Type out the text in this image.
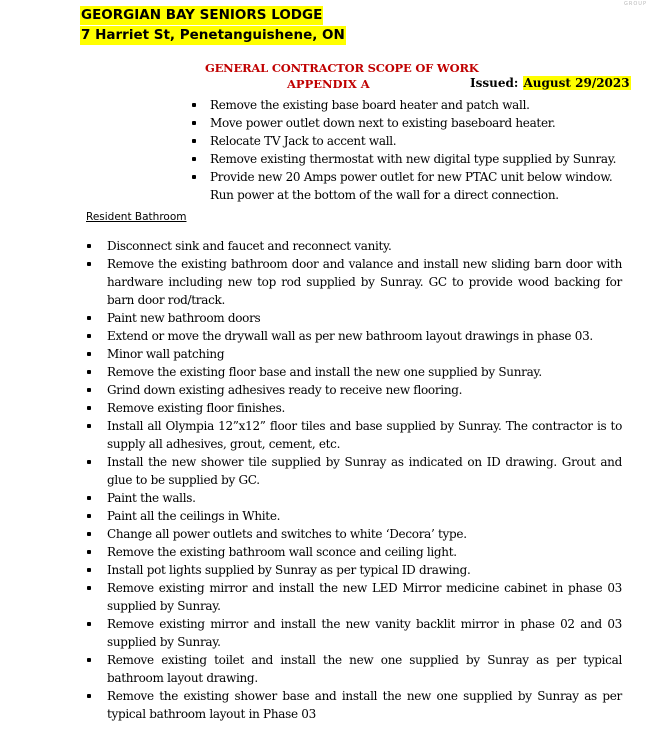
GROUP
GEORGIAN BAY SENIORS LODGE
7 Harriet St, Penetanguishene, ON
GENERAL CONTRACTOR SCOPE OF WORK
APPENDIX A	Issued: August 29/2023
Remove the existing base board heater and patch wall.
Move power outlet down next to existing baseboard heater.
Relocate TV Jack to accent wall.
Remove existing thermostat with new digital type supplied by Sunray.
Provide new 20 Amps power outlet for new PTAC unit below window. Run power at the bottom of the wall for a direct connection.
Resident Bathroom
Disconnect sink and faucet and reconnect vanity.
Remove the existing bathroom door and valance and install new sliding barn door with hardware including new top rod supplied by Sunray. GC to provide wood backing for barn door rod/track.
Paint new bathroom doors
Extend or move the drywall wall as per new bathroom layout drawings in phase 03.
Minor wall patching
Remove the existing floor base and install the new one supplied by Sunray.
Grind down existing adhesives ready to receive new flooring.
Remove existing floor finishes.
Install all Olympia 12”x12” floor tiles and base supplied by Sunray. The contractor is to supply all adhesives, grout, cement, etc.
Install the new shower tile supplied by Sunray as indicated on ID drawing. Grout and glue to be supplied by GC.
Paint the walls.
Paint all the ceilings in White.
Change all power outlets and switches to white ‘Decora’ type.
Remove the existing bathroom wall sconce and ceiling light.
Install pot lights supplied by Sunray as per typical ID drawing.
Remove existing mirror and install the new LED Mirror medicine cabinet in phase 03 supplied by Sunray.
Remove existing mirror and install the new vanity backlit mirror in phase 02 and 03 supplied by Sunray.
Remove existing toilet and install the new one supplied by Sunray as per typical bathroom layout drawing.
Remove the existing shower base and install the new one supplied by Sunray as per typical bathroom layout in Phase 03
